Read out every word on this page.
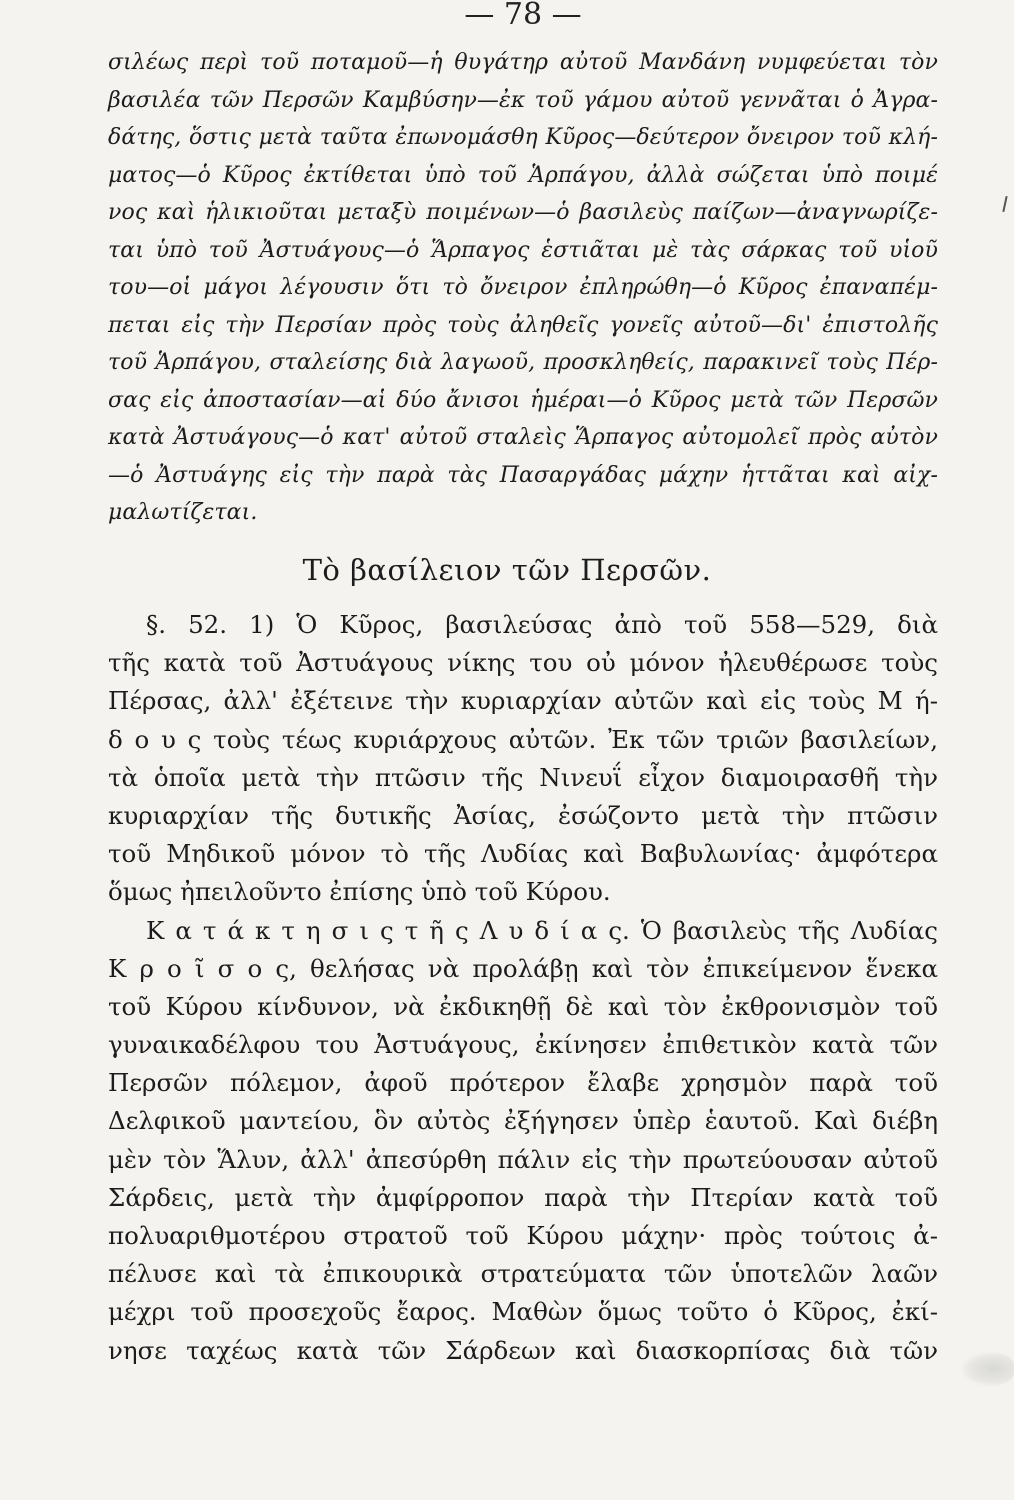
— 78 —
σιλέως περὶ τοῦ ποταμοῦ—ἡ θυγάτηρ αὐτοῦ Μανδάνη νυμφεύεται τὸν
βασιλέα τῶν Περσῶν Καμβύσην—ἐκ τοῦ γάμου αὐτοῦ γεννᾶται ὁ Ἀγρα-
δάτης, ὅστις μετὰ ταῦτα ἐπωνομάσθη Κῦρος—δεύτερον ὄνειρον τοῦ κλή-
ματος—ὁ Κῦρος ἐκτίθεται ὑπὸ τοῦ Ἁρπάγου, ἀλλὰ σώζεται ὑπὸ ποιμέ
νος καὶ ἡλικιοῦται μεταξὺ ποιμένων—ὁ βασιλεὺς παίζων—ἀναγνωρίζε-
ται ὑπὸ τοῦ Ἀστυάγους—ὁ Ἅρπαγος ἑστιᾶται μὲ τὰς σάρκας τοῦ υἱοῦ
του—οἱ μάγοι λέγουσιν ὅτι τὸ ὄνειρον ἐπληρώθη—ὁ Κῦρος ἐπαναπέμ-
πεται εἰς τὴν Περσίαν πρὸς τοὺς ἀληθεῖς γονεῖς αὐτοῦ—δι' ἐπιστολῆς
τοῦ Ἁρπάγου, σταλείσης διὰ λαγωοῦ, προσκληθείς, παρακινεῖ τοὺς Πέρ-
σας εἰς ἀποστασίαν—αἱ δύο ἄνισοι ἡμέραι—ὁ Κῦρος μετὰ τῶν Περσῶν
κατὰ Ἀστυάγους—ὁ κατ' αὐτοῦ σταλεὶς Ἅρπαγος αὐτομολεῖ πρὸς αὐτὸν
—ὁ Ἀστυάγης εἰς τὴν παρὰ τὰς Πασαργάδας μάχην ἡττᾶται καὶ αἰχ-
μαλωτίζεται.
Τὸ βασίλειον τῶν Περσῶν.
§. 52. 1) Ὁ Κῦρος, βασιλεύσας ἀπὸ τοῦ 558—529, διὰ
τῆς κατὰ τοῦ Ἀστυάγους νίκης του οὐ μόνον ἠλευθέρωσε τοὺς
Πέρσας, ἀλλ' ἐξέτεινε τὴν κυριαρχίαν αὐτῶν καὶ εἰς τοὺς Μ ή-
δ ο υ ς τοὺς τέως κυριάρχους αὐτῶν. Ἐκ τῶν τριῶν βασιλείων,
τὰ ὁποῖα μετὰ τὴν πτῶσιν τῆς Νινευΐ εἶχον διαμοιρασθῆ τὴν
κυριαρχίαν τῆς δυτικῆς Ἀσίας, ἐσώζοντο μετὰ τὴν πτῶσιν
τοῦ Μηδικοῦ μόνον τὸ τῆς Λυδίας καὶ Βαβυλωνίας· ἀμφότερα
ὅμως ἠπειλοῦντο ἐπίσης ὑπὸ τοῦ Κύρου.
Κ α τ ά κ τ η σ ι ς τ ῆ ς Λ υ δ ί α ς. Ὁ βασιλεὺς τῆς Λυδίας
Κ ρ ο ῖ σ ο ς, θελήσας νὰ προλάβῃ καὶ τὸν ἐπικείμενον ἕνεκα
τοῦ Κύρου κίνδυνον, νὰ ἐκδικηθῇ δὲ καὶ τὸν ἐκθρονισμὸν τοῦ
γυναικαδέλφου του Ἀστυάγους, ἐκίνησεν ἐπιθετικὸν κατὰ τῶν
Περσῶν πόλεμον, ἀφοῦ πρότερον ἔλαβε χρησμὸν παρὰ τοῦ
Δελφικοῦ μαντείου, ὃν αὐτὸς ἐξήγησεν ὑπὲρ ἑαυτοῦ. Καὶ διέβη
μὲν τὸν Ἅλυν, ἀλλ' ἀπεσύρθη πάλιν εἰς τὴν πρωτεύουσαν αὐτοῦ
Σάρδεις, μετὰ τὴν ἀμφίρροπον παρὰ τὴν Πτερίαν κατὰ τοῦ
πολυαριθμοτέρου στρατοῦ τοῦ Κύρου μάχην· πρὸς τούτοις ἀ-
πέλυσε καὶ τὰ ἐπικουρικὰ στρατεύματα τῶν ὑποτελῶν λαῶν
μέχρι τοῦ προσεχοῦς ἔαρος. Μαθὼν ὅμως τοῦτο ὁ Κῦρος, ἐκί-
νησε ταχέως κατὰ τῶν Σάρδεων καὶ διασκορπίσας διὰ τῶν
